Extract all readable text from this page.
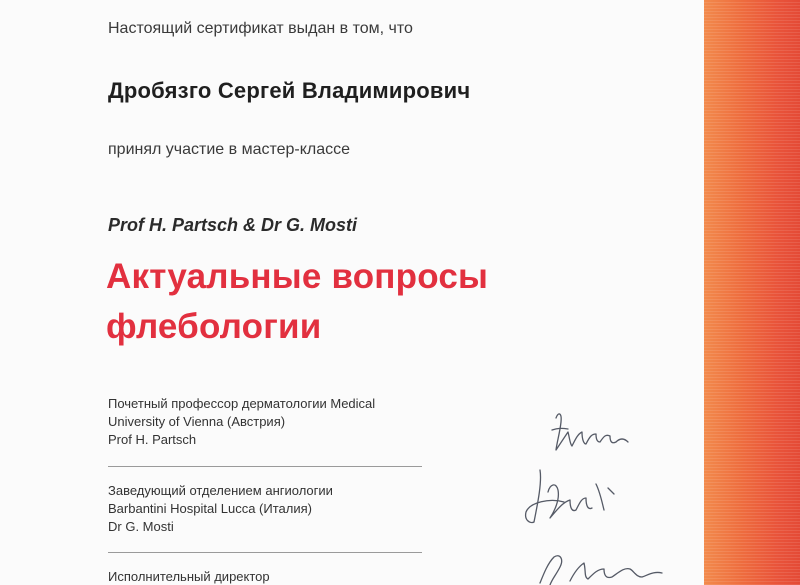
Настоящий сертификат выдан в том, что
Дробязго Сергей Владимирович
принял участие в мастер-классе
Prof H. Partsch & Dr G. Mosti
Актуальные вопросы
флебологии
Почетный профессор дерматологии Medical
University of Vienna (Австрия)
Prof H. Partsch
Заведующий отделением ангиологии
Barbantini Hospital Lucca (Италия)
Dr G. Mosti
Исполнительный директор
